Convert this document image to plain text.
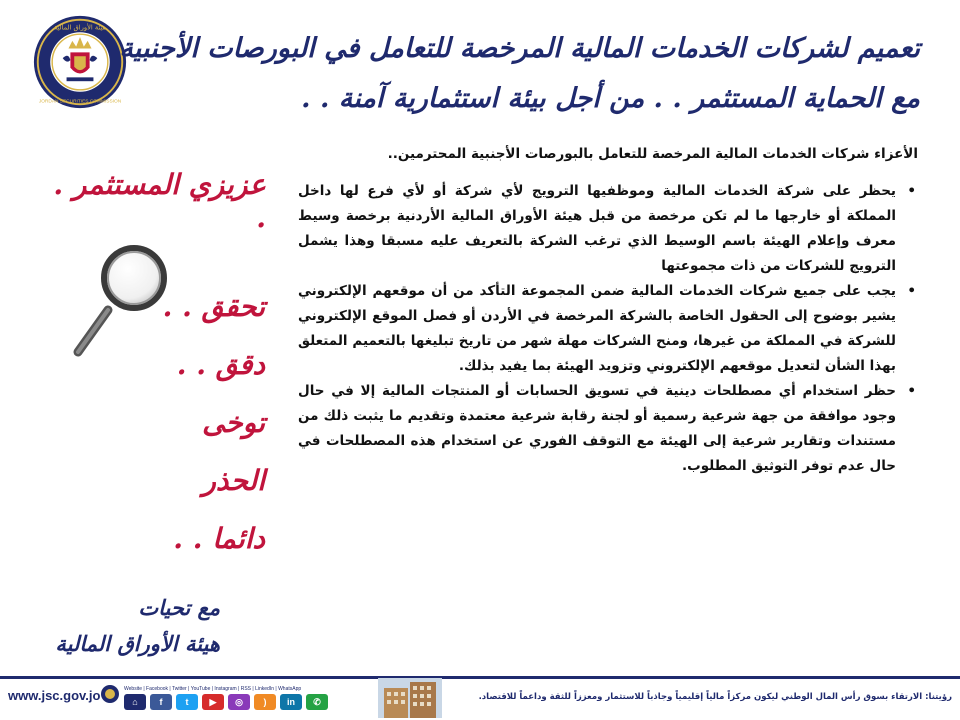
هيئة الأوراق المالية
JORDAN SECURITIES COMMISSION
تعميم لشركات الخدمات المالية المرخصة للتعامل في البورصات الأجنبية
مع الحماية المستثمر . . من أجل بيئة استثمارية آمنة . .
عزيزي المستثمر . .
تحقق . .
دقق . .
توخى
الحذر
دائما . .
مع تحيات
هيئة الأوراق المالية

الأعزاء شركات الخدمات المالية المرخصة للتعامل بالبورصات الأجنبية المحترمين..

•
يحظر على شركة الخدمات المالية وموظفيها الترويج لأي شركة أو لأي فرع لها داخل المملكة أو خارجها ما لم تكن مرخصة من قبل هيئة الأوراق المالية الأردنية برخصة وسيط معرف وإعلام الهيئة باسم الوسيط الذي ترغب الشركة بالتعريف عليه مسبقا وهذا يشمل الترويج للشركات من ذات مجموعتها
•
يجب على جميع شركات الخدمات المالية ضمن المجموعة التأكد من أن موقعهم الإلكتروني يشير بوضوح إلى الحقول الخاصة بالشركة المرخصة في الأردن أو فصل الموقع الإلكتروني للشركة في المملكة من غيرها، ومنح الشركات مهلة شهر من تاريخ تبليغها بالتعميم المتعلق بهذا الشأن لتعديل موقعهم الإلكتروني وتزويد الهيئة بما يفيد بذلك.
•
حظر استخدام أي مصطلحات دينية في تسويق الحسابات أو المنتجات المالية إلا في حال وجود موافقة من جهة شرعية رسمية أو لجنة رقابة شرعية معتمدة وتقديم ما يثبت ذلك من مستندات وتقارير شرعية إلى الهيئة مع التوقف الفوري عن استخدام هذه المصطلحات في حال عدم توفر التوثيق المطلوب.
www.jsc.gov.jo	Website | Facebook | Twitter | YouTube | Instagram | RSS | LinkedIn | WhatsApp
⌂	f	t	▶	◎	)	in	✆	رؤيتنا: الارتقاء بسوق رأس المال الوطني ليكون مركزاً مالياً إقليمياً وجاذباً للاستثمار ومعززاً للثقة وداعماً للاقتصاد.
